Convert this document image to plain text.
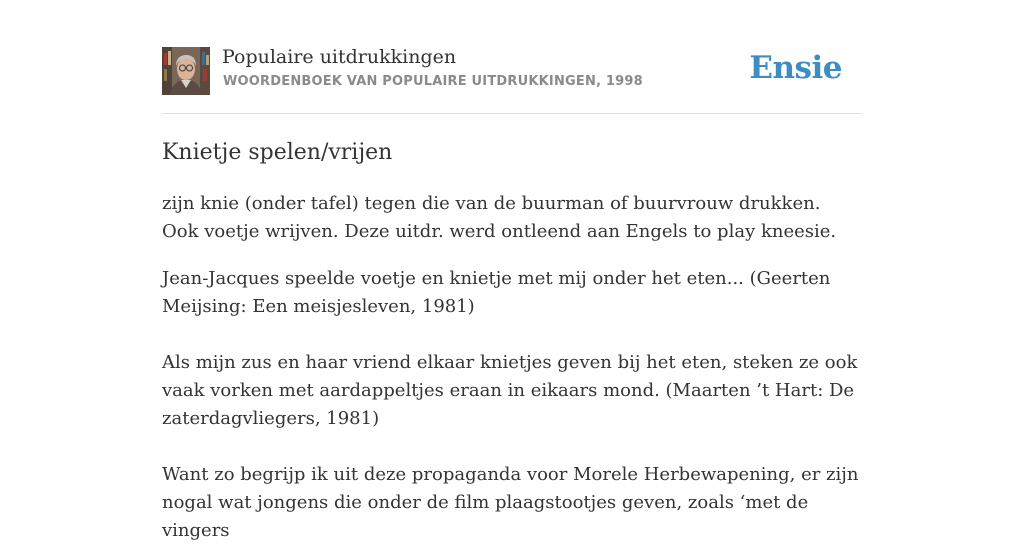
Populaire uitdrukkingen
WOORDENBOEK VAN POPULAIRE UITDRUKKINGEN, 1998	Ensie
Knietje spelen/vrijen

zijn knie (onder tafel) tegen die van de buurman of buurvrouw drukken. Ook voetje wrijven. Deze uitdr. werd ontleend aan Engels to play kneesie.

Jean-Jacques speelde voetje en knietje met mij onder het eten... (Geerten Meijsing: Een meisjesleven, 1981)

Als mijn zus en haar vriend elkaar knietjes geven bij het eten, steken ze ook vaak vorken met aardappeltjes eraan in eikaars mond. (Maarten ’t Hart: De zaterdagvliegers, 1981)

Want zo begrijp ik uit deze propaganda voor Morele Herbewapening, er zijn nogal wat jongens die onder de film plaagstootjes geven, zoals ‘met de vingers
